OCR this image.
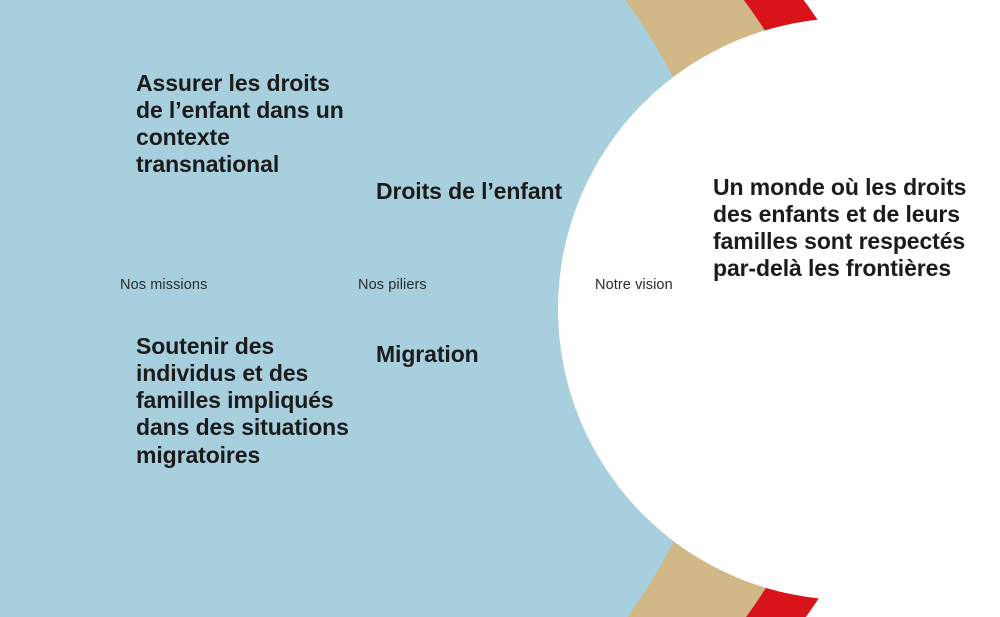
Assurer les droits de l’enfant dans un contexte transnational
Nos missions
Soutenir des individus et des familles impliqués dans des situations migratoires
Droits de l’enfant
Nos piliers
Migration
Notre vision
Un monde où les droits des enfants et de leurs familles sont respectés par-delà les frontières
